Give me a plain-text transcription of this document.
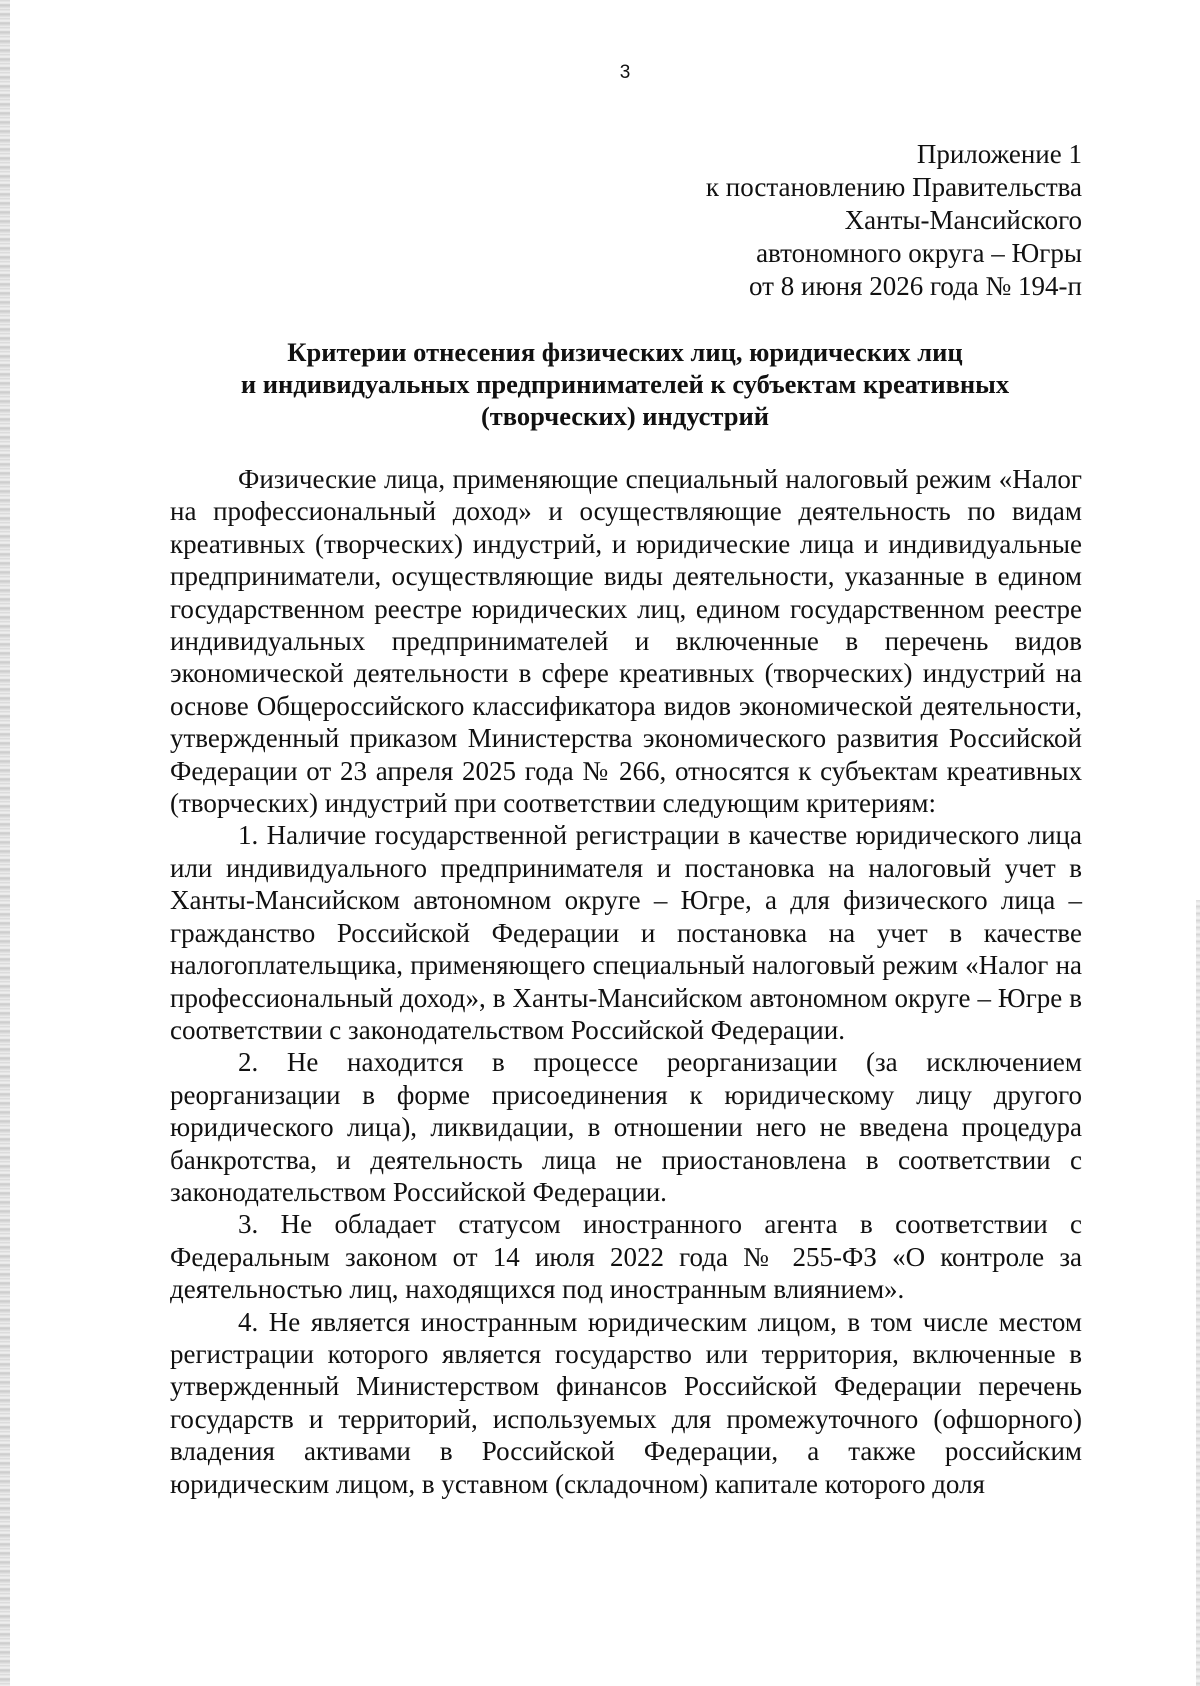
3
Приложение 1
к постановлению Правительства
Ханты-Мансийского
автономного округа – Югры
от 8 июня 2026 года № 194-п
Критерии отнесения физических лиц, юридических лиц
и индивидуальных предпринимателей к субъектам креативных
(творческих) индустрий

Физические лица, применяющие специальный налоговый режим «Налог на профессиональный доход» и осуществляющие деятельность по видам креативных (творческих) индустрий, и юридические лица и индивидуальные предприниматели, осуществляющие виды деятельности, указанные в едином государственном реестре юридических лиц, едином государственном реестре индивидуальных предпринимателей и включенные в перечень видов экономической деятельности в сфере креативных (творческих) индустрий на основе Общероссийского классификатора видов экономической деятельности, утвержденный приказом Министерства экономического развития Российской Федерации от 23 апреля 2025 года № 266, относятся к субъектам креативных (творческих) индустрий при соответствии следующим критериям:

1. Наличие государственной регистрации в качестве юридического лица или индивидуального предпринимателя и постановка на налоговый учет в Ханты-Мансийском автономном округе – Югре, а для физического лица – гражданство Российской Федерации и постановка на учет в качестве налогоплательщика, применяющего специальный налоговый режим «Налог на профессиональный доход», в Ханты-Мансийском автономном округе – Югре в соответствии с законодательством Российской Федерации.

2. Не находится в процессе реорганизации (за исключением реорганизации в форме присоединения к юридическому лицу другого юридического лица), ликвидации, в отношении него не введена процедура банкротства, и деятельность лица не приостановлена в соответствии с законодательством Российской Федерации.

3. Не обладает статусом иностранного агента в соответствии с Федеральным законом от 14 июля 2022 года № 255-ФЗ «О контроле за деятельностью лиц, находящихся под иностранным влиянием».

4. Не является иностранным юридическим лицом, в том числе местом регистрации которого является государство или территория, включенные в утвержденный Министерством финансов Российской Федерации перечень государств и территорий, используемых для промежуточного (офшорного) владения активами в Российской Федерации, а также российским юридическим лицом, в уставном (складочном) капитале которого доля
